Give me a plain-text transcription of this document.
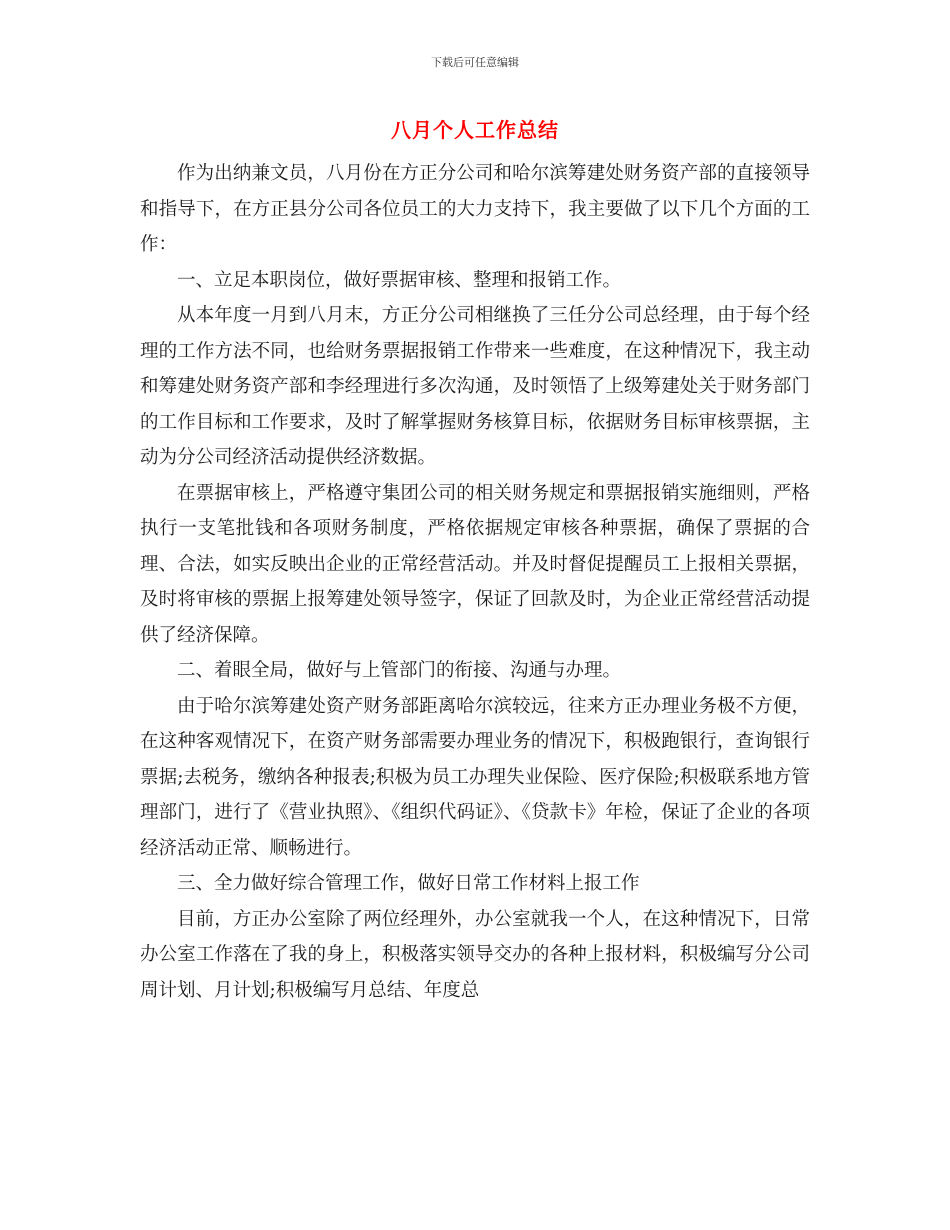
下载后可任意编辑
八月个人工作总结

作为出纳兼文员，八月份在方正分公司和哈尔滨筹建处财务资产部的直接领导和指导下，在方正县分公司各位员工的大力支持下，我主要做了以下几个方面的工作：

一、立足本职岗位，做好票据审核、整理和报销工作。

从本年度一月到八月末，方正分公司相继换了三任分公司总经理，由于每个经理的工作方法不同，也给财务票据报销工作带来一些难度，在这种情况下，我主动和筹建处财务资产部和李经理进行多次沟通，及时领悟了上级筹建处关于财务部门的工作目标和工作要求，及时了解掌握财务核算目标，依据财务目标审核票据，主动为分公司经济活动提供经济数据。

在票据审核上，严格遵守集团公司的相关财务规定和票据报销实施细则，严格执行一支笔批钱和各项财务制度，严格依据规定审核各种票据，确保了票据的合理、合法，如实反映出企业的正常经营活动。并及时督促提醒员工上报相关票据，及时将审核的票据上报筹建处领导签字，保证了回款及时，为企业正常经营活动提供了经济保障。

二、着眼全局，做好与上管部门的衔接、沟通与办理。

由于哈尔滨筹建处资产财务部距离哈尔滨较远，往来方正办理业务极不方便，在这种客观情况下，在资产财务部需要办理业务的情况下，积极跑银行，查询银行票据;去税务，缴纳各种报表;积极为员工办理失业保险、医疗保险;积极联系地方管理部门，进行了《营业执照》、《组织代码证》、《贷款卡》年检，保证了企业的各项经济活动正常、顺畅进行。

三、全力做好综合管理工作，做好日常工作材料上报工作

目前，方正办公室除了两位经理外，办公室就我一个人，在这种情况下，日常办公室工作落在了我的身上，积极落实领导交办的各种上报材料，积极编写分公司周计划、月计划;积极编写月总结、年度总
